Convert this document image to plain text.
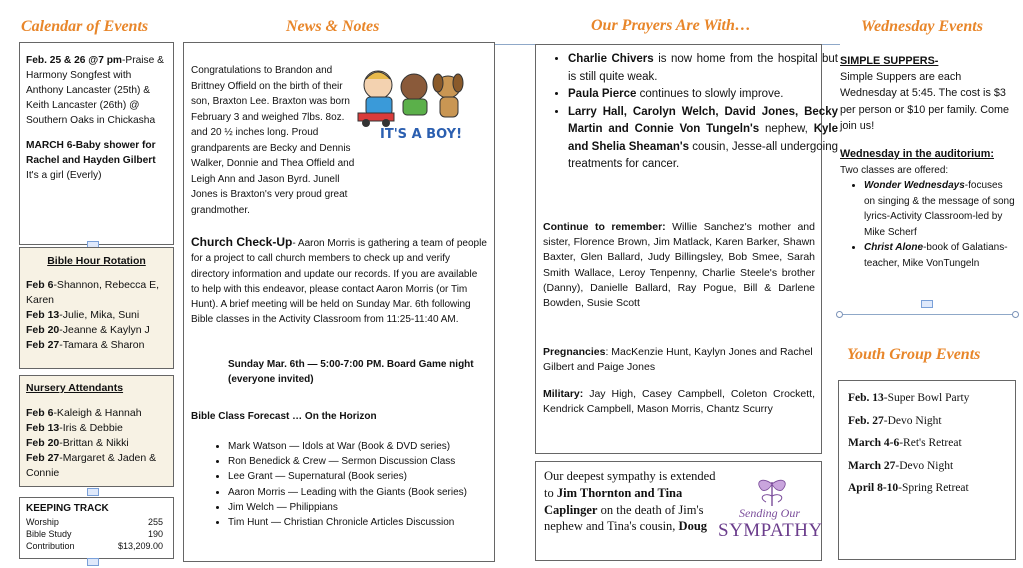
Calendar of Events	News & Notes	Our Prayers Are With…	Wednesday Events
Youth Group Events
Feb. 25 & 26 @7 pm-Praise & Harmony Songfest with Anthony Lancaster (25th) & Keith Lancaster (26th) @ Southern Oaks in Chickasha
MARCH 6-Baby shower for Rachel and Hayden Gilbert
It's a girl (Everly)
Bible Hour Rotation
Feb 6-Shannon, Rebecca E, Karen
Feb 13-Julie, Mika, Suni
Feb 20-Jeanne & Kaylyn J
Feb 27-Tamara & Sharon
Nursery Attendants
Feb 6-Kaleigh & Hannah
Feb 13-Iris & Debbie
Feb 20-Brittan & Nikki
Feb 27-Margaret & Jaden & Connie
KEEPING TRACK
Worship	255
Bible Study	190
Contribution	$13,209.00
Congratulations to Brandon and Brittney Offield on the birth of their son, Braxton Lee. Braxton was born February 3 and weighed 7lbs. 8oz. and 20 ½ inches long. Proud grandparents are Becky and Dennis Walker, Donnie and Thea Offield and Leigh Ann and Jason Byrd. Junell Jones is Braxton's very proud great grandmother.
IT'S A BOY!
Church Check-Up- Aaron Morris is gathering a team of people for a project to call church members to check up and verify directory information and update our records. If you are available to help with this endeavor, please contact Aaron Morris (or Tim Hunt). A brief meeting will be held on Sunday Mar. 6th following Bible classes in the Activity Classroom from 11:25-11:40 AM.
Sunday Mar. 6th — 5:00-7:00 PM. Board Game night (everyone invited)
Bible Class Forecast … On the Horizon
• Mark Watson — Idols at War (Book & DVD series)
• Ron Benedick & Crew — Sermon Discussion Class
• Lee Grant — Supernatural (Book series)
• Aaron Morris — Leading with the Giants (Book series)
• Jim Welch — Philippians
• Tim Hunt — Christian Chronicle Articles Discussion
• Charlie Chivers is now home from the hospital but is still quite weak.
• Paula Pierce continues to slowly improve.
• Larry Hall, Carolyn Welch, David Jones, Becky Martin and Connie Von Tungeln's nephew, Kyle and Shelia Sheaman's cousin, Jesse-all undergoing treatments for cancer.
Continue to remember: Willie Sanchez's mother and sister, Florence Brown, Jim Matlack, Karen Barker, Shawn Baxter, Glen Ballard, Judy Billingsley, Bob Smee, Sarah Smith Wallace, Leroy Tenpenny, Charlie Steele's brother (Danny), Danielle Ballard, Ray Pogue, Bill & Darlene Bowden, Susie Scott
Pregnancies: MacKenzie Hunt, Kaylyn Jones and Rachel Gilbert and Paige Jones
Military: Jay High, Casey Campbell, Coleton Crockett, Kendrick Campbell, Mason Morris, Chantz Scurry
Our deepest sympathy is extended to Jim Thornton and Tina Caplinger on the death of Jim's nephew and Tina's cousin, Doug
Sending Our
SYMPATHY
SIMPLE SUPPERS-
Simple Suppers are each Wednesday at 5:45. The cost is $3 per person or $10 per family. Come join us!
Wednesday in the auditorium:
Two classes are offered:
• Wonder Wednesdays-focuses on singing & the message of song lyrics-Activity Classroom-led by Mike Scherf
• Christ Alone-book of Galatians-teacher, Mike VonTungeln

Feb. 13-Super Bowl Party

Feb. 27-Devo Night

March 4-6-Ret's Retreat

March 27-Devo Night

April 8-10-Spring Retreat
